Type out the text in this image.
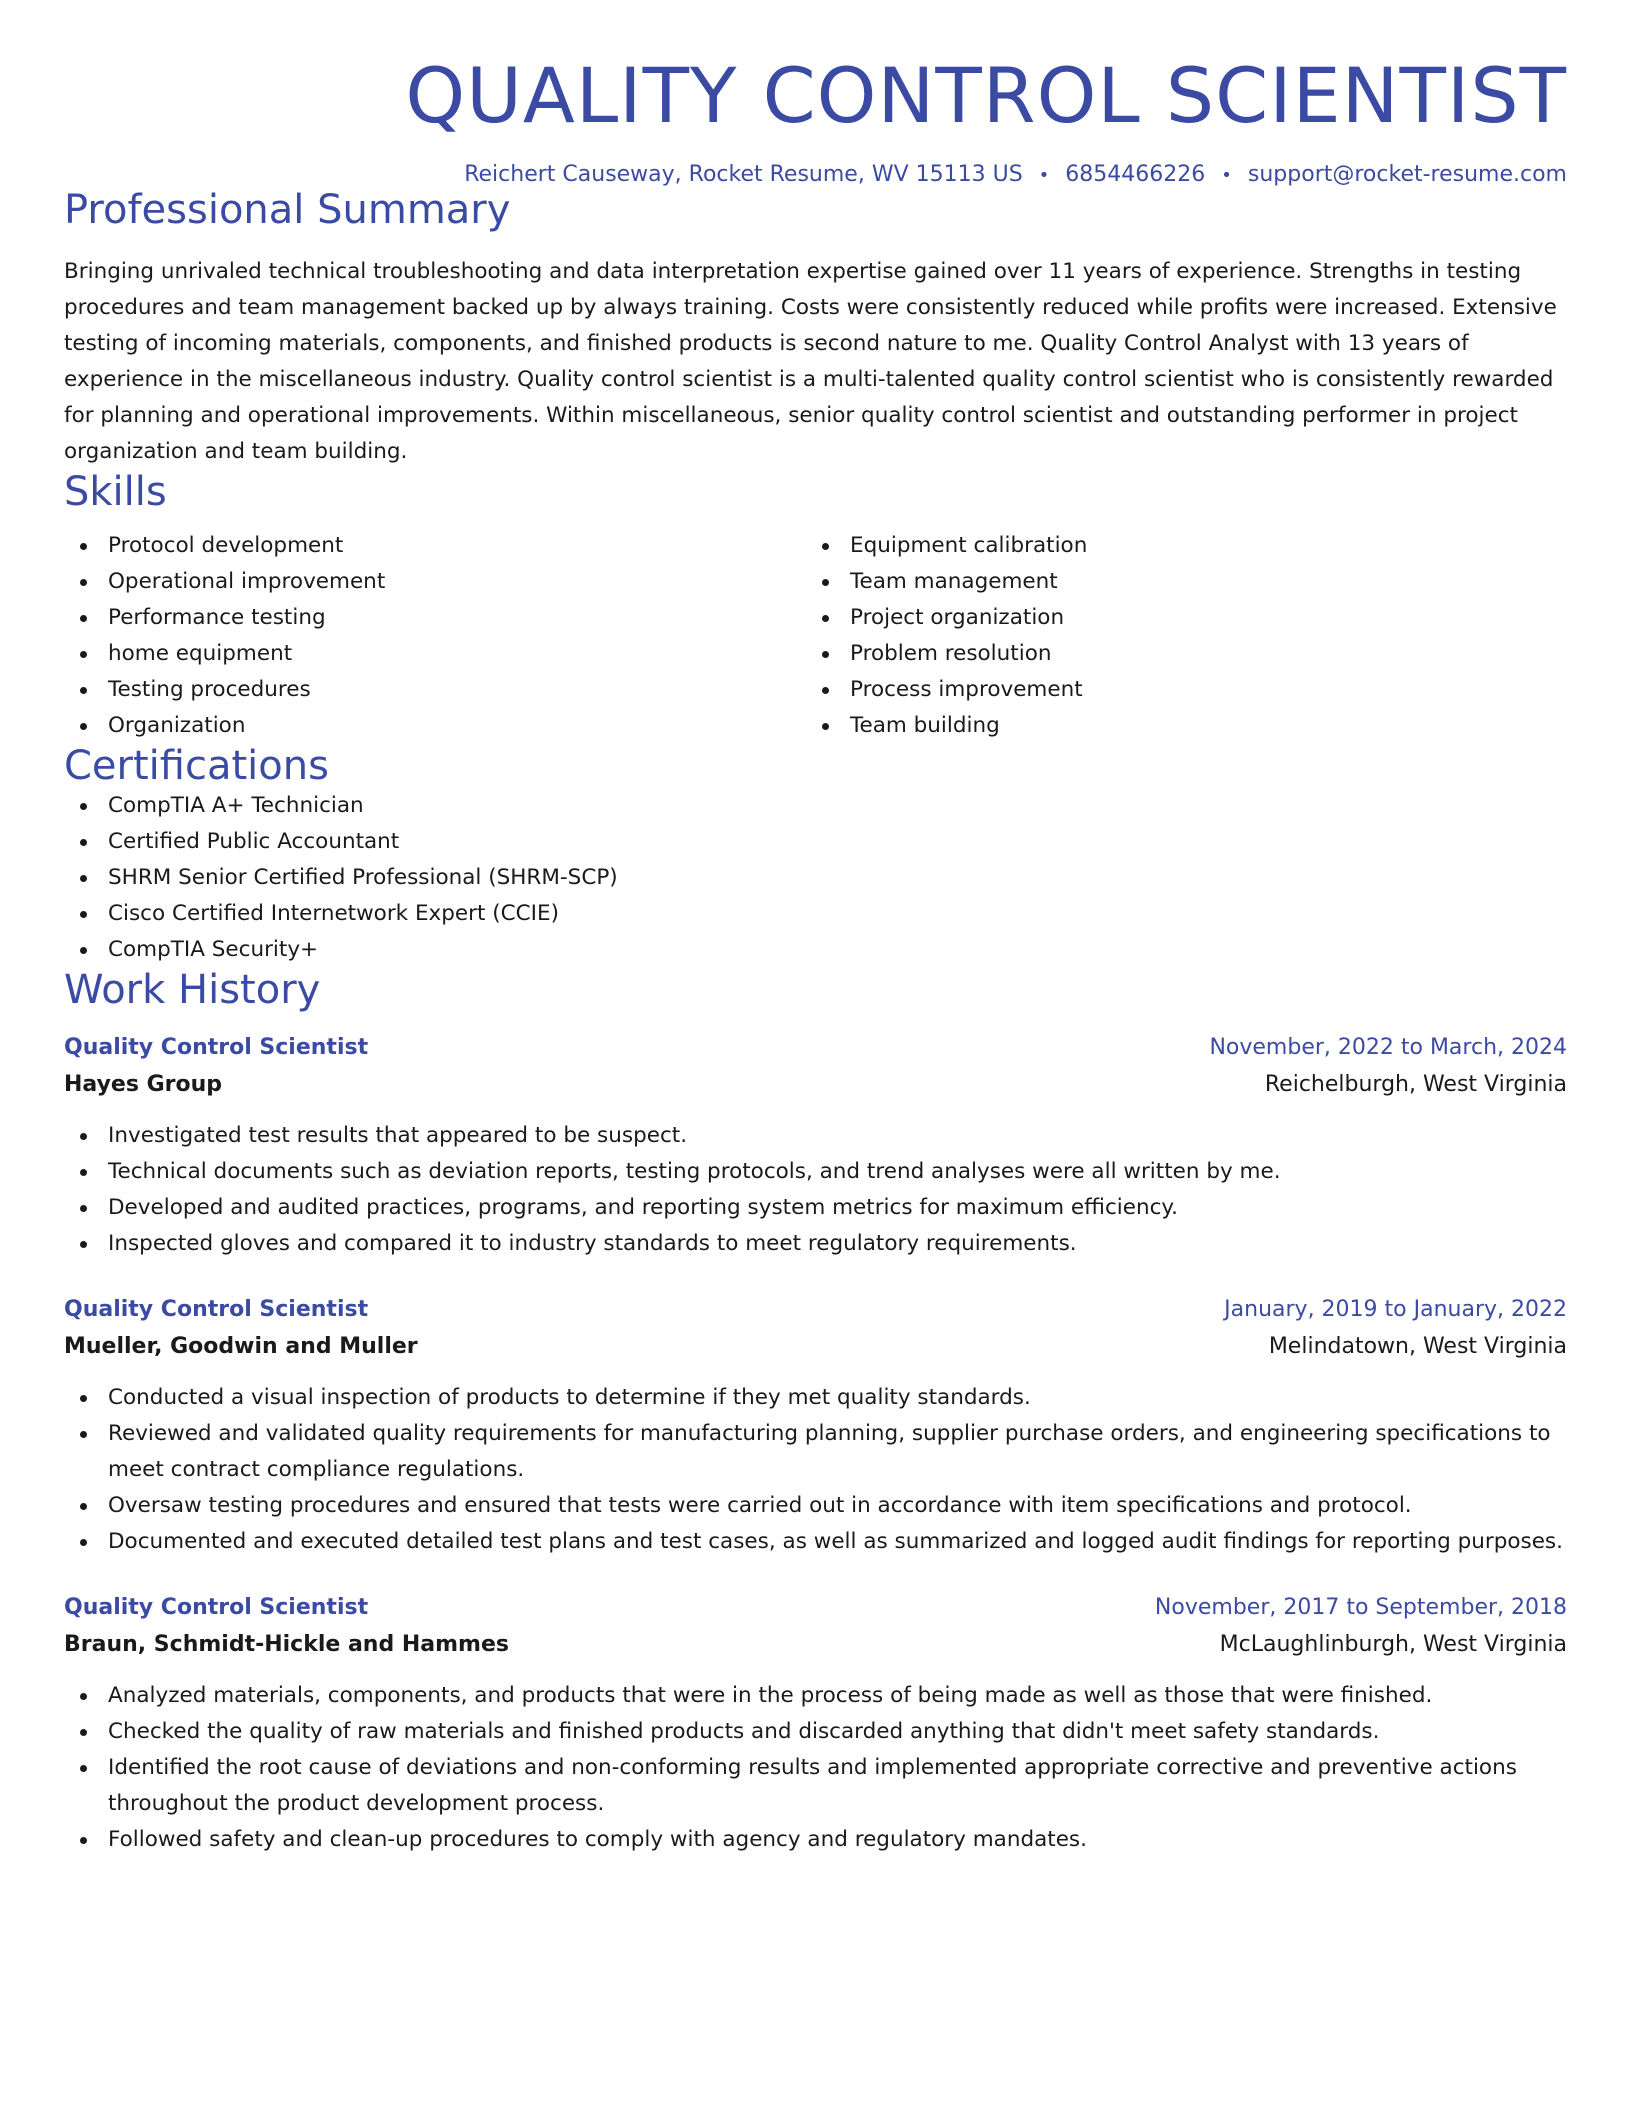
QUALITY CONTROL SCIENTIST
Reichert Causeway, Rocket Resume, WV 15113 US • 6854466226 • support@rocket-resume.com
Professional Summary
Bringing unrivaled technical troubleshooting and data interpretation expertise gained over 11 years of experience. Strengths in testing procedures and team management backed up by always training. Costs were consistently reduced while profits were increased. Extensive testing of incoming materials, components, and finished products is second nature to me. Quality Control Analyst with 13 years of experience in the miscellaneous industry. Quality control scientist is a multi-talented quality control scientist who is consistently rewarded for planning and operational improvements. Within miscellaneous, senior quality control scientist and outstanding performer in project organization and team building.
Skills
Protocol development
Operational improvement
Performance testing
home equipment
Testing procedures
Organization
Equipment calibration
Team management
Project organization
Problem resolution
Process improvement
Team building
Certifications
CompTIA A+ Technician
Certified Public Accountant
SHRM Senior Certified Professional (SHRM-SCP)
Cisco Certified Internetwork Expert (CCIE)
CompTIA Security+
Work History
Quality Control Scientist	November, 2022 to March, 2024
Hayes Group	Reichelburgh, West Virginia
Investigated test results that appeared to be suspect.
Technical documents such as deviation reports, testing protocols, and trend analyses were all written by me.
Developed and audited practices, programs, and reporting system metrics for maximum efficiency.
Inspected gloves and compared it to industry standards to meet regulatory requirements.
Quality Control Scientist	January, 2019 to January, 2022
Mueller, Goodwin and Muller	Melindatown, West Virginia
Conducted a visual inspection of products to determine if they met quality standards.
Reviewed and validated quality requirements for manufacturing planning, supplier purchase orders, and engineering specifications to meet contract compliance regulations.
Oversaw testing procedures and ensured that tests were carried out in accordance with item specifications and protocol.
Documented and executed detailed test plans and test cases, as well as summarized and logged audit findings for reporting purposes.
Quality Control Scientist	November, 2017 to September, 2018
Braun, Schmidt-Hickle and Hammes	McLaughlinburgh, West Virginia
Analyzed materials, components, and products that were in the process of being made as well as those that were finished.
Checked the quality of raw materials and finished products and discarded anything that didn't meet safety standards.
Identified the root cause of deviations and non-conforming results and implemented appropriate corrective and preventive actions throughout the product development process.
Followed safety and clean-up procedures to comply with agency and regulatory mandates.
